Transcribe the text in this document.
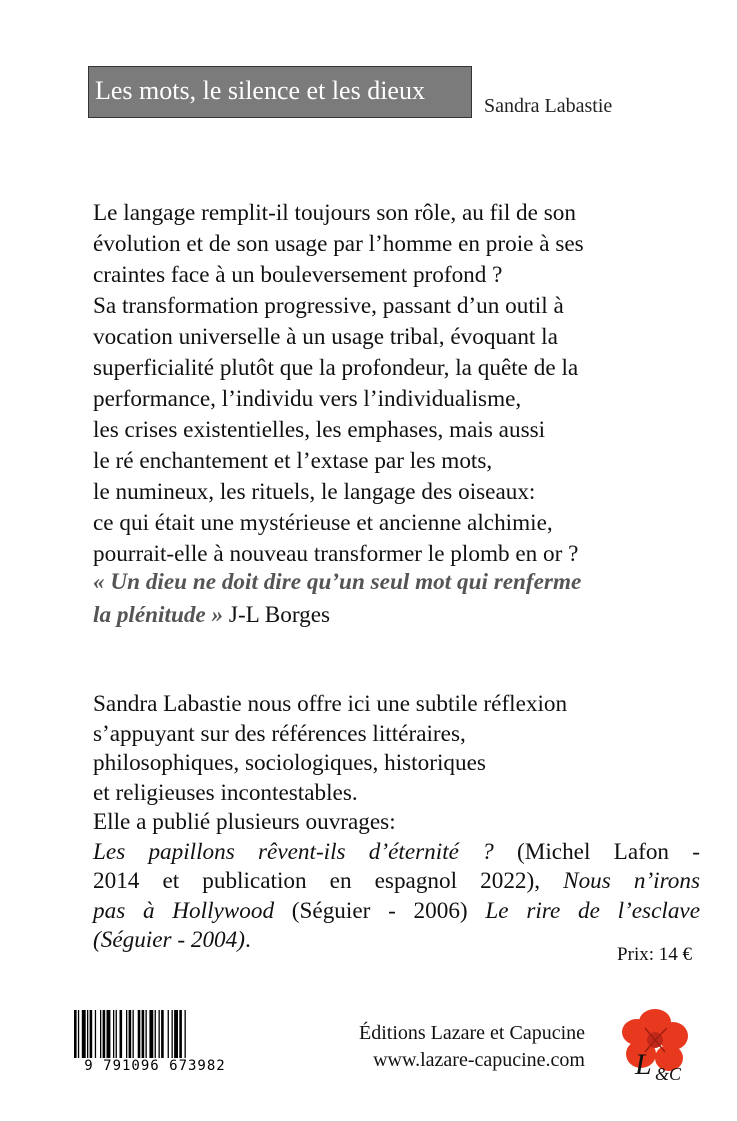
Les mots, le silence et les dieux
Sandra Labastie
Le langage remplit-il toujours son rôle, au fil de son
évolution et de son usage par l’homme en proie à ses
craintes face à un bouleversement profond ?
Sa transformation progressive, passant d’un outil à
vocation universelle à un usage tribal, évoquant la
superficialité plutôt que la profondeur, la quête de la
performance, l’individu vers l’individualisme,
les crises existentielles, les emphases, mais aussi
le ré enchantement et l’extase par les mots,
le numineux, les rituels, le langage des oiseaux:
ce qui était une mystérieuse et ancienne alchimie,
pourrait-elle à nouveau transformer le plomb en or ?
« Un dieu ne doit dire qu’un seul mot qui renferme
la plénitude » J-L Borges
Sandra Labastie nous offre ici une subtile réflexion
s’appuyant sur des références littéraires,
philosophiques, sociologiques, historiques
et religieuses incontestables.
Elle a publié plusieurs ouvrages:
Les papillons rêvent-ils d’éternité ? (Michel Lafon -
2014 et publication en espagnol 2022), Nous n’irons
pas à Hollywood (Séguier - 2006) Le rire de l’esclave
(Séguier - 2004).
Prix: 14 €
9 791096 673982
Éditions Lazare et Capucine
www.lazare-capucine.com L &C
